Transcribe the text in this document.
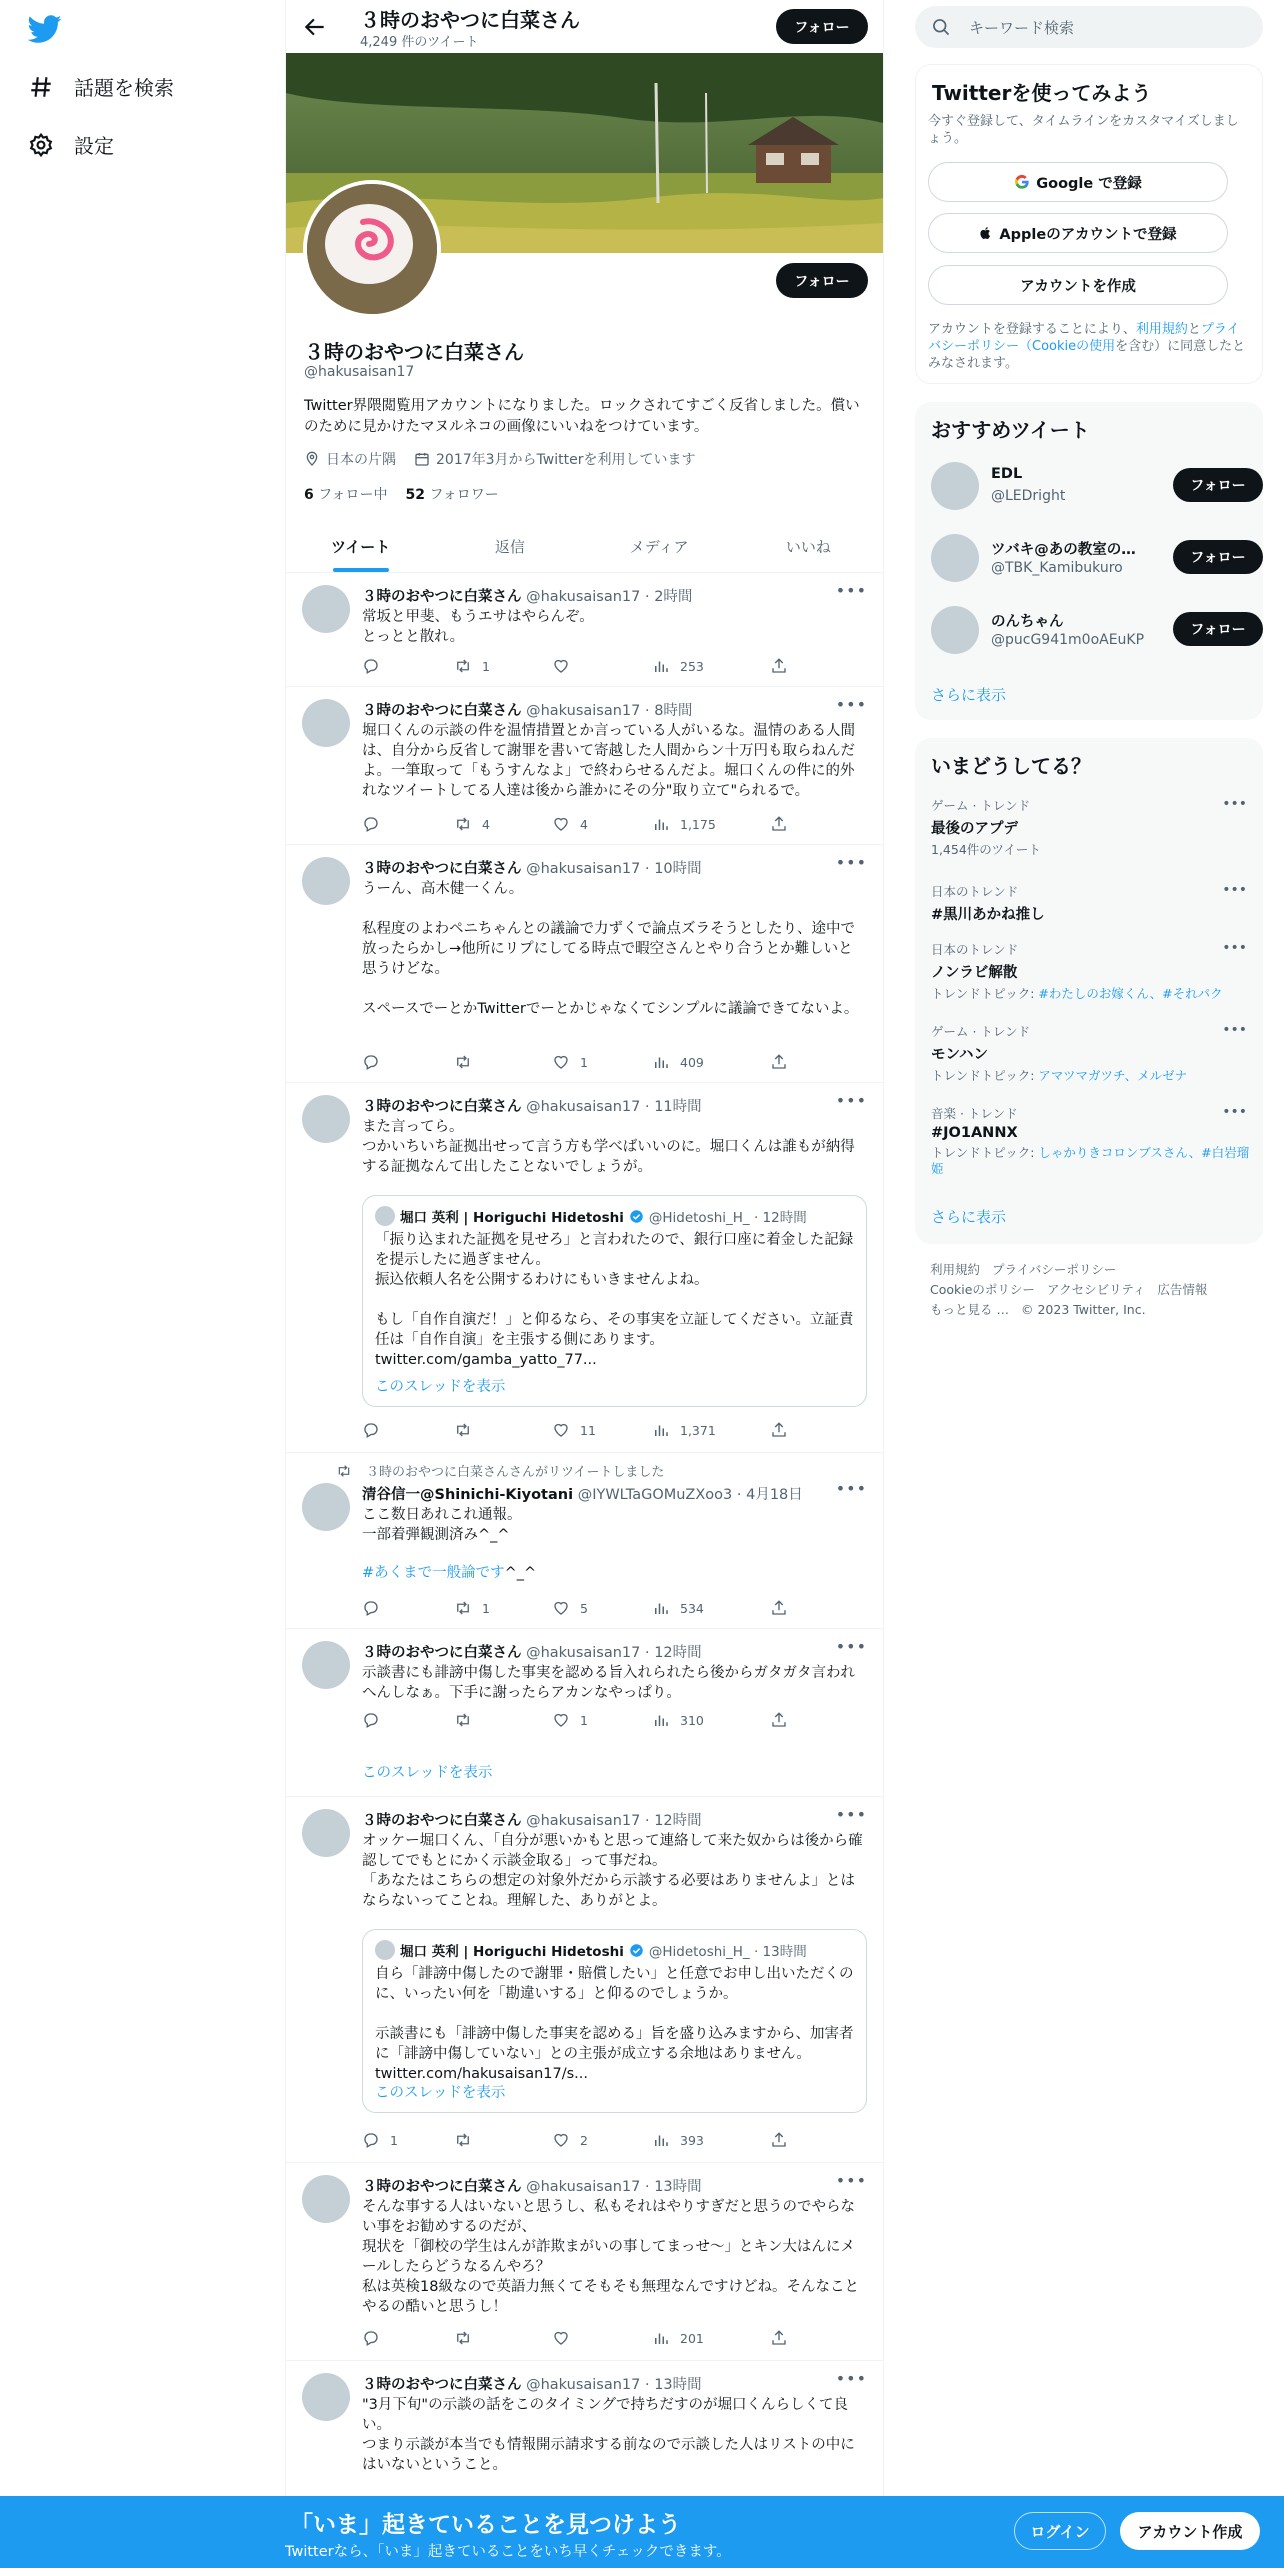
話題を検索
設定
３時のおやつに白菜さん
4,249 件のツイート
フォロー
フォロー
３時のおやつに白菜さん
@hakusaisan17
Twitter界隈閲覧用アカウントになりました。ロックされてすごく反省しました。償いのために見かけたマヌルネコの画像にいいねをつけています。
日本の片隅	2017年3月からTwitterを利用しています
6 フォロー中 52 フォロワー
ツイート	返信	メディア	いいね
３時のおやつに白菜さん @hakusaisan17 · 2時間	•••
常坂と甲斐、もうエサはやらんぞ。
とっとと散れ。
1	253
３時のおやつに白菜さん @hakusaisan17 · 8時間	•••
堀口くんの示談の件を温情措置とか言っている人がいるな。温情のある人間は、自分から反省して謝罪を書いて寄越した人間からン十万円も取らねんだよ。一筆取って「もうすんなよ」で終わらせるんだよ。堀口くんの件に的外れなツイートしてる人達は後から誰かにその分"取り立て"られるで。
4	4	1,175
３時のおやつに白菜さん @hakusaisan17 · 10時間	•••
うーん、高木健一くん。

私程度のよわペニちゃんとの議論で力ずくで論点ズラそうとしたり、途中で放ったらかし→他所にリプにしてる時点で暇空さんとやり合うとか難しいと思うけどな。

スペースでーとかTwitterでーとかじゃなくてシンプルに議論できてないよ。
1	409
３時のおやつに白菜さん @hakusaisan17 · 11時間	•••
また言ってら。
つかいちいち証拠出せって言う方も学べばいいのに。堀口くんは誰もが納得する証拠なんて出したことないでしょうが。
堀口 英利 | Horiguchi Hidetoshi @Hidetoshi_H_ · 12時間
「振り込まれた証拠を見せろ」と言われたので、銀行口座に着金した記録を提示したに過ぎません。
振込依頼人名を公開するわけにもいきませんよね。

もし「自作自演だ！」と仰るなら、その事実を立証してください。立証責任は「自作自演」を主張する側にあります。
twitter.com/gamba_yatto_77...
このスレッドを表示
11	1,371
３時のおやつに白菜さんさんがリツイートしました
清谷信一@Shinichi-Kiyotani @IYWLTaGOMuZXoo3 · 4月18日 •••
ここ数日あれこれ通報。
一部着弾観測済み^_^
#あくまで一般論です^_^
1	5	534
３時のおやつに白菜さん @hakusaisan17 · 12時間	•••
示談書にも誹謗中傷した事実を認める旨入れられたら後からガタガタ言われへんしなぁ。下手に謝ったらアカンなやっぱり。
1	310
このスレッドを表示
３時のおやつに白菜さん @hakusaisan17 · 12時間	•••
オッケー堀口くん、「自分が悪いかもと思って連絡して来た奴からは後から確認してでもとにかく示談金取る」って事だね。
「あなたはこちらの想定の対象外だから示談する必要はありませんよ」とはならないってことね。理解した、ありがとよ。
堀口 英利 | Horiguchi Hidetoshi @Hidetoshi_H_ · 13時間
自ら「誹謗中傷したので謝罪・賠償したい」と任意でお申し出いただくのに、いったい何を「勘違いする」と仰るのでしょうか。

示談書にも「誹謗中傷した事実を認める」旨を盛り込みますから、加害者に「誹謗中傷していない」との主張が成立する余地はありません。
twitter.com/hakusaisan17/s...
このスレッドを表示
1	2	393
３時のおやつに白菜さん @hakusaisan17 · 13時間	•••
そんな事する人はいないと思うし、私もそれはやりすぎだと思うのでやらない事をお勧めするのだが、
現状を「御校の学生はんが詐欺まがいの事してまっせ〜」とキン大はんにメールしたらどうなるんやろ？
私は英検18級なので英語力無くてそもそも無理なんですけどね。そんなことやるの酷いと思うし！
201
３時のおやつに白菜さん @hakusaisan17 · 13時間	•••
"3月下旬"の示談の話をこのタイミングで持ちだすのが堀口くんらしくて良い。
つまり示談が本当でも情報開示請求する前なので示談した人はリストの中にはいないということ。
キーワード検索
Twitterを使ってみよう
今すぐ登録して、タイムラインをカスタマイズしましょう。
Google で登録
Appleのアカウントで登録
アカウントを作成
アカウントを登録することにより、利用規約とプライバシーポリシー（Cookieの使用を含む）に同意したとみなされます。
おすすめツイート
EDL
@LEDright
フォロー
ツバキ@あの教室の…
@TBK_Kamibukuro
フォロー
のんちゃん
@pucG941m0oAEuKP
フォロー
さらに表示
いまどうしてる？
ゲーム · トレンド
最後のアプデ
1,454件のツイート
•••
日本のトレンド
#黒川あかね推し
•••
日本のトレンド
ノンラビ解散
トレンドトピック: #わたしのお嫁くん、#それパク
•••
ゲーム · トレンド
モンハン
トレンドトピック: アマツマガツチ、メルゼナ
•••
音楽 · トレンド
#JO1ANNX
トレンドトピック: しゃかりきコロンブスさん、#白岩瑠姫
•••
さらに表示
利用規約 プライバシーポリシー
Cookieのポリシー アクセシビリティ 広告情報
もっと見る … © 2023 Twitter, Inc.
「いま」起きていることを見つけよう
Twitterなら、「いま」起きていることをいち早くチェックできます。
ログイン	アカウント作成
